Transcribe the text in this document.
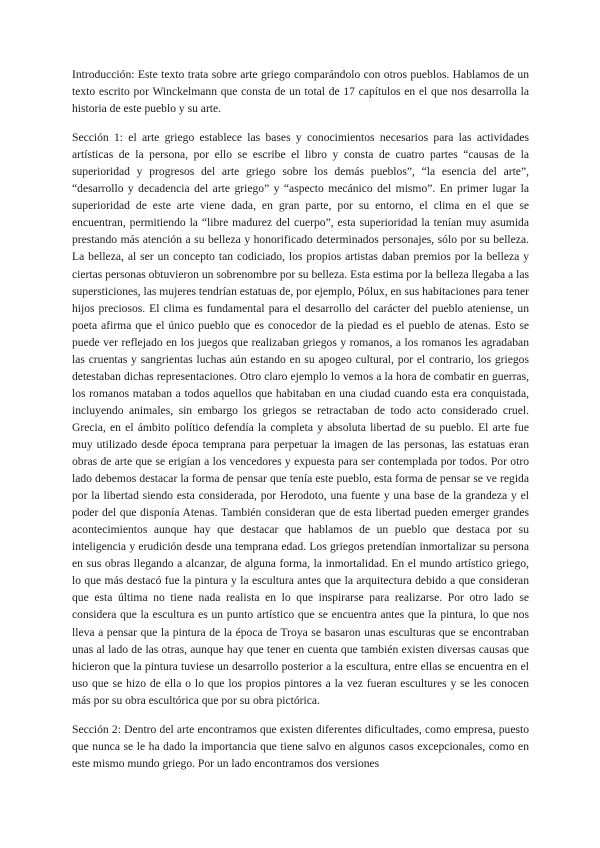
Introducción: Este texto trata sobre arte griego comparándolo con otros pueblos. Hablamos de un texto escrito por Winckelmann que consta de un total de 17 capítulos en el que nos desarrolla la historia de este pueblo y su arte.

Sección 1: el arte griego establece las bases y conocimientos necesarios para las actividades artísticas de la persona, por ello se escribe el libro y consta de cuatro partes “causas de la superioridad y progresos del arte griego sobre los demás pueblos”, “la esencia del arte”, “desarrollo y decadencia del arte griego” y “aspecto mecánico del mismo”. En primer lugar la superioridad de este arte viene dada, en gran parte, por su entorno, el clima en el que se encuentran, permitiendo la “libre madurez del cuerpo”, esta superioridad la tenían muy asumida prestando más atención a su belleza y honorificado determinados personajes, sólo por su belleza. La belleza, al ser un concepto tan codiciado, los propios artistas daban premios por la belleza y ciertas personas obtuvieron un sobrenombre por su belleza. Esta estima por la belleza llegaba a las supersticiones, las mujeres tendrían estatuas de, por ejemplo, Pólux, en sus habitaciones para tener hijos preciosos. El clima es fundamental para el desarrollo del carácter del pueblo ateniense, un poeta afirma que el único pueblo que es conocedor de la piedad es el pueblo de atenas. Esto se puede ver reflejado en los juegos que realizaban griegos y romanos, a los romanos les agradaban las cruentas y sangrientas luchas aún estando en su apogeo cultural, por el contrario, los griegos detestaban dichas representaciones. Otro claro ejemplo lo vemos a la hora de combatir en guerras, los romanos mataban a todos aquellos que habitaban en una ciudad cuando esta era conquistada, incluyendo animales, sin embargo los griegos se retractaban de todo acto considerado cruel. Grecia, en el ámbito político defendía la completa y absoluta libertad de su pueblo. El arte fue muy utilizado desde época temprana para perpetuar la imagen de las personas, las estatuas eran obras de arte que se erigían a los vencedores y expuesta para ser contemplada por todos. Por otro lado debemos destacar la forma de pensar que tenía este pueblo, esta forma de pensar se ve regida por la libertad siendo esta considerada, por Herodoto, una fuente y una base de la grandeza y el poder del que disponía Atenas. También consideran que de esta libertad pueden emerger grandes acontecimientos aunque hay que destacar que hablamos de un pueblo que destaca por su inteligencia y erudición desde una temprana edad. Los griegos pretendían inmortalizar su persona en sus obras llegando a alcanzar, de alguna forma, la inmortalidad. En el mundo artístico griego, lo que más destacó fue la pintura y la escultura antes que la arquitectura debido a que consideran que esta última no tiene nada realista en lo que inspirarse para realizarse. Por otro lado se considera que la escultura es un punto artístico que se encuentra antes que la pintura, lo que nos lleva a pensar que la pintura de la época de Troya se basaron unas esculturas que se encontraban unas al lado de las otras, aunque hay que tener en cuenta que también existen diversas causas que hicieron que la pintura tuviese un desarrollo posterior a la escultura, entre ellas se encuentra en el uso que se hizo de ella o lo que los propios pintores a la vez fueran escultures y se les conocen más por su obra escultórica que por su obra pictórica.

Sección 2: Dentro del arte encontramos que existen diferentes dificultades, como empresa, puesto que nunca se le ha dado la importancia que tiene salvo en algunos casos excepcionales, como en este mismo mundo griego. Por un lado encontramos dos versiones
